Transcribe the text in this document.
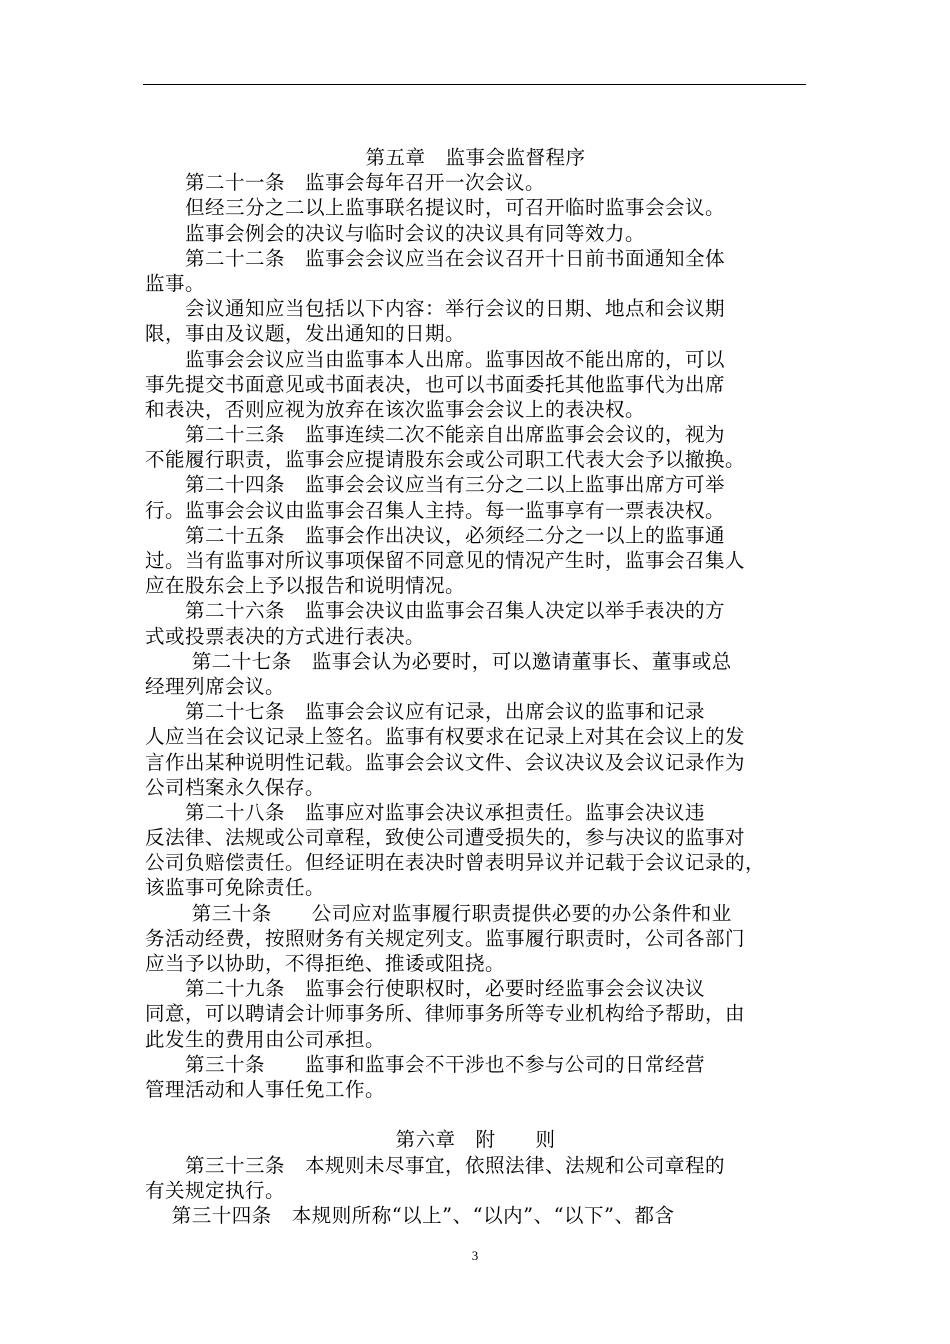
第五章　监事会监督程序
　　第二十一条　监事会每年召开一次会议。
　　但经三分之二以上监事联名提议时，可召开临时监事会会议。
　　监事会例会的决议与临时会议的决议具有同等效力。
　　第二十二条　监事会会议应当在会议召开十日前书面通知全体
监事。
　　会议通知应当包括以下内容：举行会议的日期、地点和会议期
限，事由及议题，发出通知的日期。
　　监事会会议应当由监事本人出席。监事因故不能出席的，可以
事先提交书面意见或书面表决，也可以书面委托其他监事代为出席
和表决，否则应视为放弃在该次监事会会议上的表决权。
　　第二十三条　监事连续二次不能亲自出席监事会会议的，视为
不能履行职责，监事会应提请股东会或公司职工代表大会予以撤换。
　　第二十四条　监事会会议应当有三分之二以上监事出席方可举
行。监事会会议由监事会召集人主持。每一监事享有一票表决权。
　　第二十五条　监事会作出决议，必须经二分之一以上的监事通
过。当有监事对所议事项保留不同意见的情况产生时，监事会召集人
应在股东会上予以报告和说明情况。
　　第二十六条　监事会决议由监事会召集人决定以举手表决的方
式或投票表决的方式进行表决。
　　 第二十七条　监事会认为必要时，可以邀请董事长、董事或总
经理列席会议。
　　第二十七条　监事会会议应有记录，出席会议的监事和记录
人应当在会议记录上签名。监事有权要求在记录上对其在会议上的发
言作出某种说明性记载。监事会会议文件、会议决议及会议记录作为
公司档案永久保存。
　　第二十八条　监事应对监事会决议承担责任。监事会决议违
反法律、法规或公司章程，致使公司遭受损失的，参与决议的监事对
公司负赔偿责任。但经证明在表决时曾表明异议并记载于会议记录的，
该监事可免除责任。
　　 第三十条　　公司应对监事履行职责提供必要的办公条件和业
务活动经费，按照财务有关规定列支。监事履行职责时，公司各部门
应当予以协助，不得拒绝、推诿或阻挠。
　　第二十九条　监事会行使职权时，必要时经监事会会议决议
同意，可以聘请会计师事务所、律师事务所等专业机构给予帮助，由
此发生的费用由公司承担。
　　第三十条　　监事和监事会不干涉也不参与公司的日常经营
管理活动和人事任免工作。
第六章　附　　则
　　第三十三条　本规则未尽事宜，依照法律、法规和公司章程的
有关规定执行。
　 第三十四条　本规则所称“以上”、“以内”、“以下”、都含
3
